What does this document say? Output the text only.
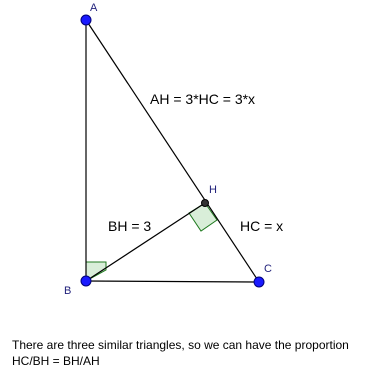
A
B
C
H
AH = 3*HC = 3*x
BH = 3	HC = x
There are three similar triangles, so we can have the proportion
HC/BH = BH/AH
